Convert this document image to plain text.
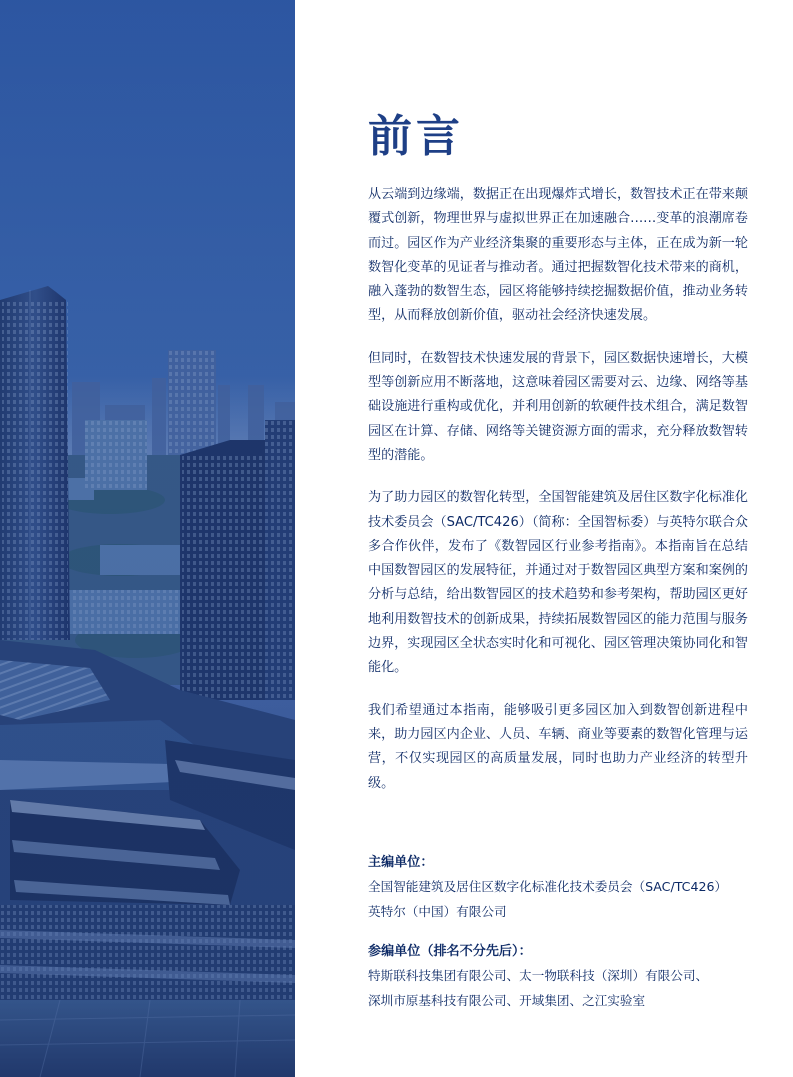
前言

从云端到边缘端，数据正在出现爆炸式增长，数智技术正在带来颠覆式创新，物理世界与虚拟世界正在加速融合……变革的浪潮席卷而过。园区作为产业经济集聚的重要形态与主体，正在成为新一轮数智化变革的见证者与推动者。通过把握数智化技术带来的商机，融入蓬勃的数智生态，园区将能够持续挖掘数据价值，推动业务转型，从而释放创新价值，驱动社会经济快速发展。

但同时，在数智技术快速发展的背景下，园区数据快速增长，大模型等创新应用不断落地，这意味着园区需要对云、边缘、网络等基础设施进行重构或优化，并利用创新的软硬件技术组合，满足数智园区在计算、存储、网络等关键资源方面的需求，充分释放数智转型的潜能。

为了助力园区的数智化转型，全国智能建筑及居住区数字化标准化技术委员会（SAC/TC426）（简称：全国智标委）与英特尔联合众多合作伙伴，发布了《数智园区行业参考指南》。本指南旨在总结中国数智园区的发展特征，并通过对于数智园区典型方案和案例的分析与总结，给出数智园区的技术趋势和参考架构，帮助园区更好地利用数智技术的创新成果，持续拓展数智园区的能力范围与服务边界，实现园区全状态实时化和可视化、园区管理决策协同化和智能化。

我们希望通过本指南，能够吸引更多园区加入到数智创新进程中来，助力园区内企业、人员、车辆、商业等要素的数智化管理与运营，不仅实现园区的高质量发展，同时也助力产业经济的转型升级。

主编单位：
全国智能建筑及居住区数字化标准化技术委员会（SAC/TC426）
英特尔（中国）有限公司
参编单位（排名不分先后）：
特斯联科技集团有限公司、太一物联科技（深圳）有限公司、
深圳市原基科技有限公司、开域集团、之江实验室
